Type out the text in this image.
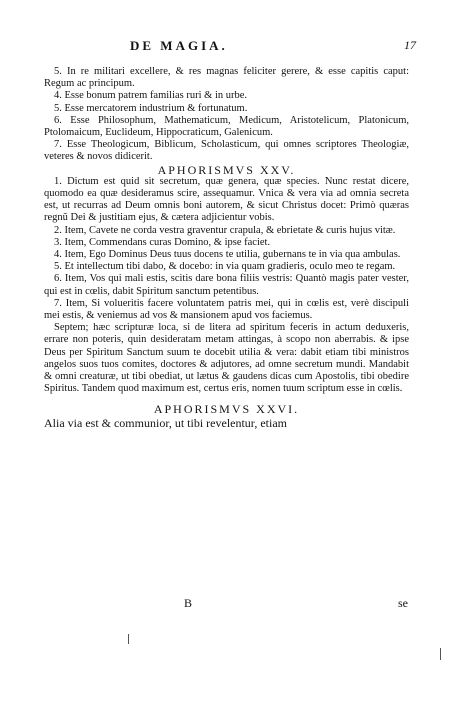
DE MAGIA.	17

5. In re militari excellere, & res magnas feliciter gerere, & esse capitis caput: Regum ac principum.

4. Esse bonum patrem familias ruri & in urbe.

5. Esse mercatorem industrium & fortunatum.

6. Esse Philosophum, Mathematicum, Medicum, Aristotelicum, Platonicum, Ptolomaicum, Euclideum, Hippocraticum, Galenicum.

7. Esse Theologicum, Biblicum, Scholasticum, qui omnes scriptores Theologiæ, veteres & novos didicerit.

APHORISMVS XXV.

1. Dictum est quid sit secretum, quæ genera, quæ species. Nunc restat dicere, quomodo ea quæ desideramus scire, assequamur. Vnica & vera via ad omnia secreta est, ut recurras ad Deum omnis boni autorem, & sicut Christus docet: Primò quæras regnũ Dei & justitiam ejus, & cætera adjicientur vobis.

2. Item, Cavete ne corda vestra graventur crapula, & ebrietate & curis hujus vitæ.

3. Item, Commendans curas Domino, & ipse faciet.

4. Item, Ego Dominus Deus tuus docens te utilia, gubernans te in via qua ambulas.

5. Et intellectum tibi dabo, & docebo: in via quam gradieris, oculo meo te regam.

6. Item, Vos qui mali estis, scitis dare bona filiis vestris: Quantò magis pater vester, qui est in cœlis, dabit Spiritum sanctum petentibus.

7. Item, Si volueritis facere voluntatem patris mei, qui in cœlis est, verè discipuli mei estis, & veniemus ad vos & mansionem apud vos faciemus.

Septem; hæc scripturæ loca, si de litera ad spiritum feceris in actum deduxeris, errare non poteris, quin desideratam metam attingas, à scopo non aberrabis. & ipse Deus per Spiritum Sanctum suum te docebit utilia & vera: dabit etiam tibi ministros angelos suos tuos comites, doctores & adjutores, ad omne secretum mundi. Mandabit & omni creaturæ, ut tibi obediat, ut lætus & gaudens dicas cum Apostolis, tibi obedire Spiritus. Tandem quod maximum est, certus eris, nomen tuum scriptum esse in cœlis.

APHORISMVS XXVI.

Alia via est & communior, ut tibi revelentur, etiam

B	se
